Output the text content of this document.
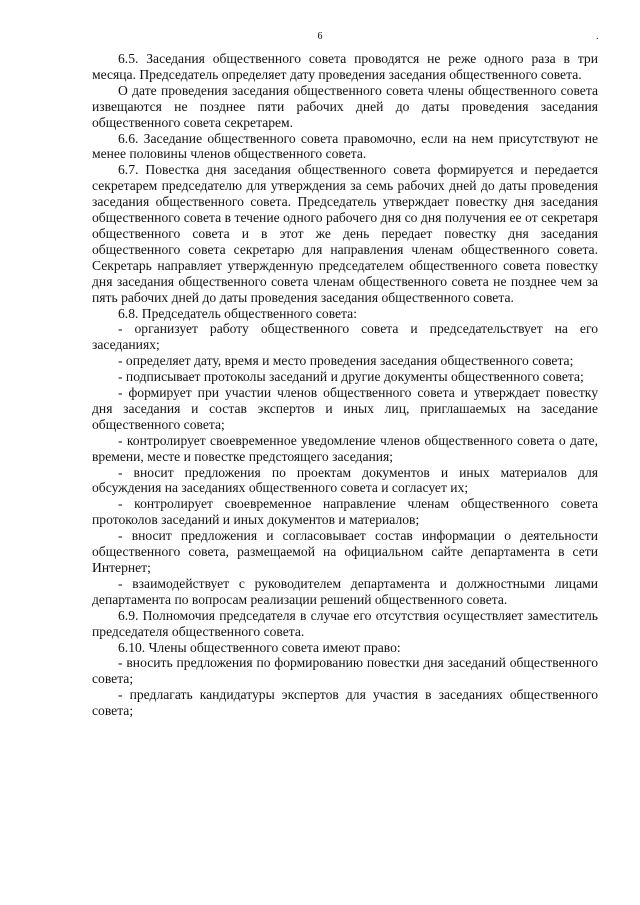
6	.

6.5. Заседания общественного совета проводятся не реже одного раза в три месяца. Председатель определяет дату проведения заседания общественного совета.

О дате проведения заседания общественного совета члены общественного совета извещаются не позднее пяти рабочих дней до даты проведения заседания общественного совета секретарем.

6.6. Заседание общественного совета правомочно, если на нем присутствуют не менее половины членов общественного совета.

6.7. Повестка дня заседания общественного совета формируется и передается секретарем председателю для утверждения за семь рабочих дней до даты проведения заседания общественного совета. Председатель утверждает повестку дня заседания общественного совета в течение одного рабочего дня со дня получения ее от секретаря общественного совета и в этот же день передает повестку дня заседания общественного совета секретарю для направления членам общественного совета. Секретарь направляет утвержденную председателем общественного совета повестку дня заседания общественного совета членам общественного совета не позднее чем за пять рабочих дней до даты проведения заседания общественного совета.

6.8. Председатель общественного совета:

- организует работу общественного совета и председательствует на его заседаниях;

- определяет дату, время и место проведения заседания общественного совета;

- подписывает протоколы заседаний и другие документы общественного совета;

- формирует при участии членов общественного совета и утверждает повестку дня заседания и состав экспертов и иных лиц, приглашаемых на заседание общественного совета;

- контролирует своевременное уведомление членов общественного совета о дате, времени, месте и повестке предстоящего заседания;

- вносит предложения по проектам документов и иных материалов для обсуждения на заседаниях общественного совета и согласует их;

- контролирует своевременное направление членам общественного совета протоколов заседаний и иных документов и материалов;

- вносит предложения и согласовывает состав информации о деятельности общественного совета, размещаемой на официальном сайте департамента в сети Интернет;

- взаимодействует с руководителем департамента и должностными лицами департамента по вопросам реализации решений общественного совета.

6.9. Полномочия председателя в случае его отсутствия осуществляет заместитель председателя общественного совета.

6.10. Члены общественного совета имеют право:

- вносить предложения по формированию повестки дня заседаний общественного совета;

- предлагать кандидатуры экспертов для участия в заседаниях общественного совета;
